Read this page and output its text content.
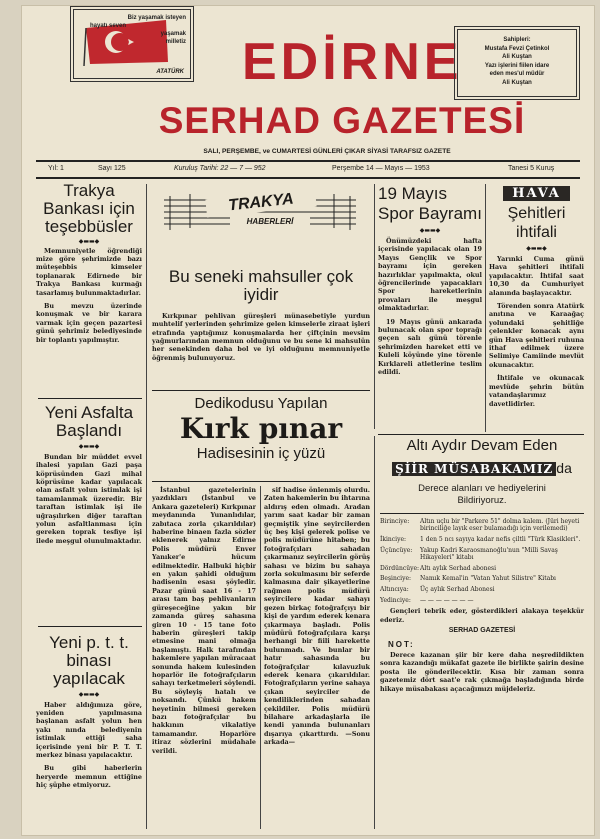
Biz yaşamak isteyen
hayatı seven
yaşamak
milletiz
ATATÜRK EDİRNE	Sahipleri:
Mustafa Fevzi Çetinkol
Ali Kuştan
Yazı işlerini fiilen idare
eden mes'ul müdür
Ali Kuştan
SERHAD GAZETESİ
SALI, PERŞEMBE, ve CUMARTESİ GÜNLERİ ÇIKAR SİYASİ TARAFSIZ GAZETE
Yıl: 1	Sayı 125	Kuruluş Tarihi: 22 — 7 — 952	Perşembe 14 — Mayıs — 1953	Tanesi 5 Kuruş
Trakya Bankası için teşebbüsler
◆▬▬◆

Memnuniyetle öğrendiği mize göre şehrimizde bazı müteşebbis kimseler toplanarak Edirnede bir Trakya Bankası kurmağı tasarlamış bulunmaktadırlar.

Bu mevzu üzerinde konuşmak ve bir karara varmak için geçen pazartesi günü şehrimiz belediyesinde bir toplantı yapılmıştır.

Yeni Asfalta Başlandı
◆▬▬◆

Bundan bir müddet evvel ihalesi yapılan Gazi paşa köprüsünden Gazi mihal köprüsüne kadar yapılacak olan asfalt yolun istimlak işi tamamlanmak üzeredir. Bir taraftan istimlak işi ile uğraşılırken diğer taraftan yolun asfaltlanması için gereken toprak tesfiye işi ilede meşgul olunulmaktadır.

Yeni p. t. t. binası yapılacak
◆▬▬◆

Haber aldığımıza göre, yeniden yapılmasına başlanan asfalt yolun hen yakı nında belediyenin istimlak ettiği saha içerisinde yeni bir P. T. T. merkez binası yapılacaktır.

Bu gibi haberlerin heryerde memnun ettiğine hiç şüphe etmiyoruz.

TRAKYA
HABERLERİ
Bu seneki mahsuller çok iyidir

Kırkpınar pehlivan güreşleri münasebetiyle yurdun muhtelif yerlerinden şehrimize gelen kimselerle ziraat işleri etrafında yaptığımız konuşmalarda her çiftçinin mevsim yağmurlarından memnun olduğunu ve bu sene ki mahsulün her senekinden daha bol ve iyi olduğunu memnuniyetle öğrenmiş bulunuyoruz.

Dedikodusu Yapılan
Kırk pınar
Hadisesinin iç yüzü

İstanbul gazetelerinin yazdıkları (İstanbul ve Ankara gazeteleri) Kırkpınar meydanında Yunanlıdılar, zabıtaca zorla çıkarıldılar) haberine binaen fazla sözler eklenerek yalnız Edirne Polis müdürü Enver Yanıker'e hücum edilmektedir. Halbuki hiçbir en yakın şahidi olduğum hadisenin esası şöyledir. Pazar günü saat 16 - 17 arası tam baş pehlivanların güreşeceğine yakın bir zamanda güreş sahasına giren 10 - 15 tane foto haberin güreşleri takip etmesine mani olmağa başlamıştı. Halk tarafından hakemlere yapılan müracaat sonunda hakem kulesinden hoparlör ile fotoğrafçıların sahayı terketmeleri söylendi. Bu söyleyiş hatalı ve noksandı. Çünkü hakem heyetinin bilmesi gereken bazı fotoğrafçılar bu hakkının vikalatiye tamamandır. Hoparlöre itiraz sözlerini müdahale verildi.

sif hadise önlenmiş olurdu. Zaten hakemlerin bu ihtarına aldırış eden olmadı. Aradan yarım saat kadar bir zaman geçmiştik yine seyircilerden üç beş kişi gelerek polise ve polis müdürüne hitaben; bu fotoğrafçıları sahadan çıkarmanız seyircilerin görüş sahası ve bizim bu sahaya zorla sokulmasını bir seferde kalmasına dair şikayetlerine rağmen polis müdürü seyircilere kadar sahayı gezen birkaç fotoğrafçıyı bir kişi de yardım ederek kenara çıkarmaya başladı. Polis müdürü fotoğrafçılara karşı herhangi bir fiili harekette bulunmadı. Ve bunlar bir hatır sahasında bu fotoğrafçılar kılavuzluk ederek kenara çıkarıldılar. Fotoğrafçıların yerine sahaya çıkan seyirciler de kendiliklerinden sahadan çekildiler. Polis müdürü bilahare arkadaşlarla ile kendi yanında bulunanları dışarıya çıkarttırdı. —Sonu arkada—

19 Mayıs Spor Bayramı
◆▬▬◆

Önümüzdeki hafta içerisinde yapılacak olan 19 Mayıs Gençlik ve Spor bayramı için gereken hazırlıklar yapılmakta, okul öğrencilerinde yapacakları Spor hareketlerinin provaları ile meşgul olmaktadırlar.

19 Mayıs günü ankarada bulunacak olan spor toprağı geçen salı günü törenle şehrimizden hareket etti ve Kuleli köyünde yine törenle Kırklareli atletlerine teslim edildi.

HAVA
Şehitleri ihtifali
◆▬▬◆

Yarınki Cuma günü Hava şehitleri ihtifali yapılacaktır. İhtifal saat 10,30 da Cumhuriyet alanında başlayacaktır.

Törenden sonra Atatürk anıtına ve Karaağaç yolundaki şehitliğe çelenkler konacak aynı gün Hava şehitleri ruhuna ithaf edilmek üzere Selimiye Camiinde mevlüt okunacaktır.

İhtifale ve okunacak mevlüde şehrin bütün vatandaşlarımız davetlidirler.

Altı Aydır Devam Eden
ŞİİR MÜSABAKAMIZ da
Derece alanları ve hediyelerini Bildiriyoruz.
Birinciye:	Altın uçlu bir "Parkere 51" dolma kalem. (Jüri heyeti birinciliğe layık eser bulamadığı için verilemedi)
İkinciye:	1 den 5 ncı sayıya kadar nefis çiltli "Türk Klasikleri".
Üçüncüye:	Yakup Kadri Karaosmanoğlu'nun "Milli Savaş Hikayeleri" kitabı
Dördüncüye: Altı aylık Serhad abonesi
Beşinciye:	Namık Kemal'in "Vatan Yahut Silistre" Kitabı
Altıncıya:	Üç aylık Serhad Abonesi
Yedinciye:	— — — — — — —

Gençleri tebrik eder, gösterdikleri alakaya teşekkür ederiz.

SERHAD GAZETESİ
NOT:

Derece kazanan şiir bir kere daha neşredildikten sonra kazandığı mükafat gazete ile birlikte şairin desine posta ile gönderilecektir. Kısa bir zaman sonra gazetemiz dört saat'e rak çıkmağa başladığında birde hikaye müsabakası açacağımızı müjdeleriz.
